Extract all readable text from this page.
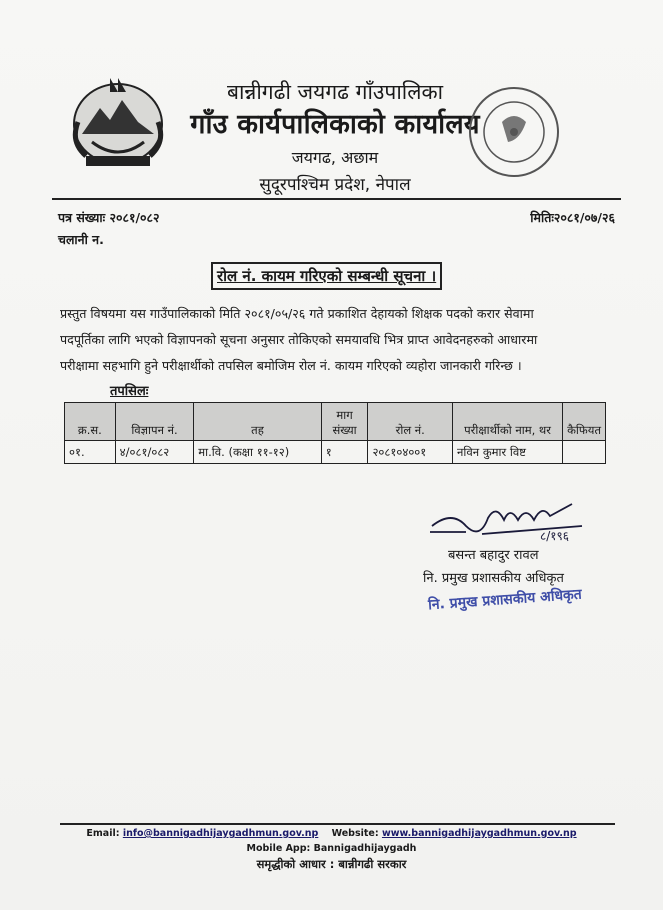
बान्नीगढी जयगढ गाँउपालिका
गाँउ कार्यपालिकाको कार्यालय
जयगढ, अछाम
सुदूरपश्चिम प्रदेश, नेपाल
पत्र संख्याः २०८१/०८२
चलानी न.
मितिः२०८१/०७/२६
रोल नं. कायम गरिएको सम्बन्धी सूचना ।
प्रस्तुत विषयमा यस गाउँपालिकाको मिति २०८१/०५/२६ गते प्रकाशित देहायको शिक्षक पदको करार सेवामा
पदपूर्तिका लागि भएको विज्ञापनको सूचना अनुसार तोकिएको समयावधि भित्र प्राप्त आवेदनहरुको आधारमा
परीक्षामा सहभागि हुने परीक्षार्थीको तपसिल बमोजिम रोल नं. कायम गरिएको व्यहोरा जानकारी गरिन्छ ।
तपसिलः
क्र.स.	विज्ञापन नं.	तह	माग संख्या	रोल नं.	परीक्षार्थीको नाम, थर	कैफियत
०१.	४/०८१/०८२	मा.वि. (कक्षा ११-१२)	१	२०८१०४००१	नविन कुमार विष्ट	
८/१९६
बसन्त बहादुर रावल
नि. प्रमुख प्रशासकीय अधिकृत
नि. प्रमुख प्रशासकीय अधिकृत
Email: info@bannigadhijaygadhmun.gov.np Website: www.bannigadhijaygadhmun.gov.np
Mobile App: Bannigadhijaygadh
समृद्धीको आधार : बान्नीगढी सरकार
